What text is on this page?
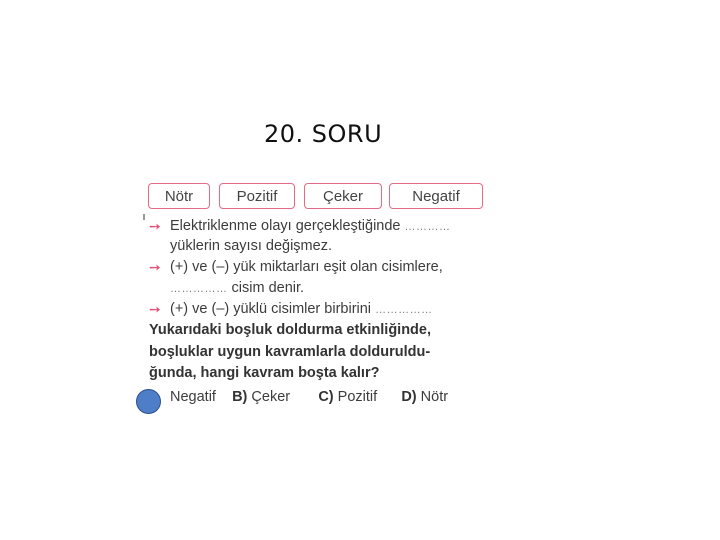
20. SORU
Nötr	Pozitif	Çeker	Negatif
➙ Elektriklenme olayı gerçekleştiğinde …………
yüklerin sayısı değişmez.
➙ (+) ve (–) yük miktarları eşit olan cisimlere,
…………… cisim denir.
➙ (+) ve (–) yüklü cisimler birbirini ……………
Yukarıdaki boşluk doldurma etkinliğinde,
boşluklar uygun kavramlarla dolduruldu-
ğunda, hangi kavram boşta kalır?
Negatif B) Çeker C) Pozitif D) Nötr
